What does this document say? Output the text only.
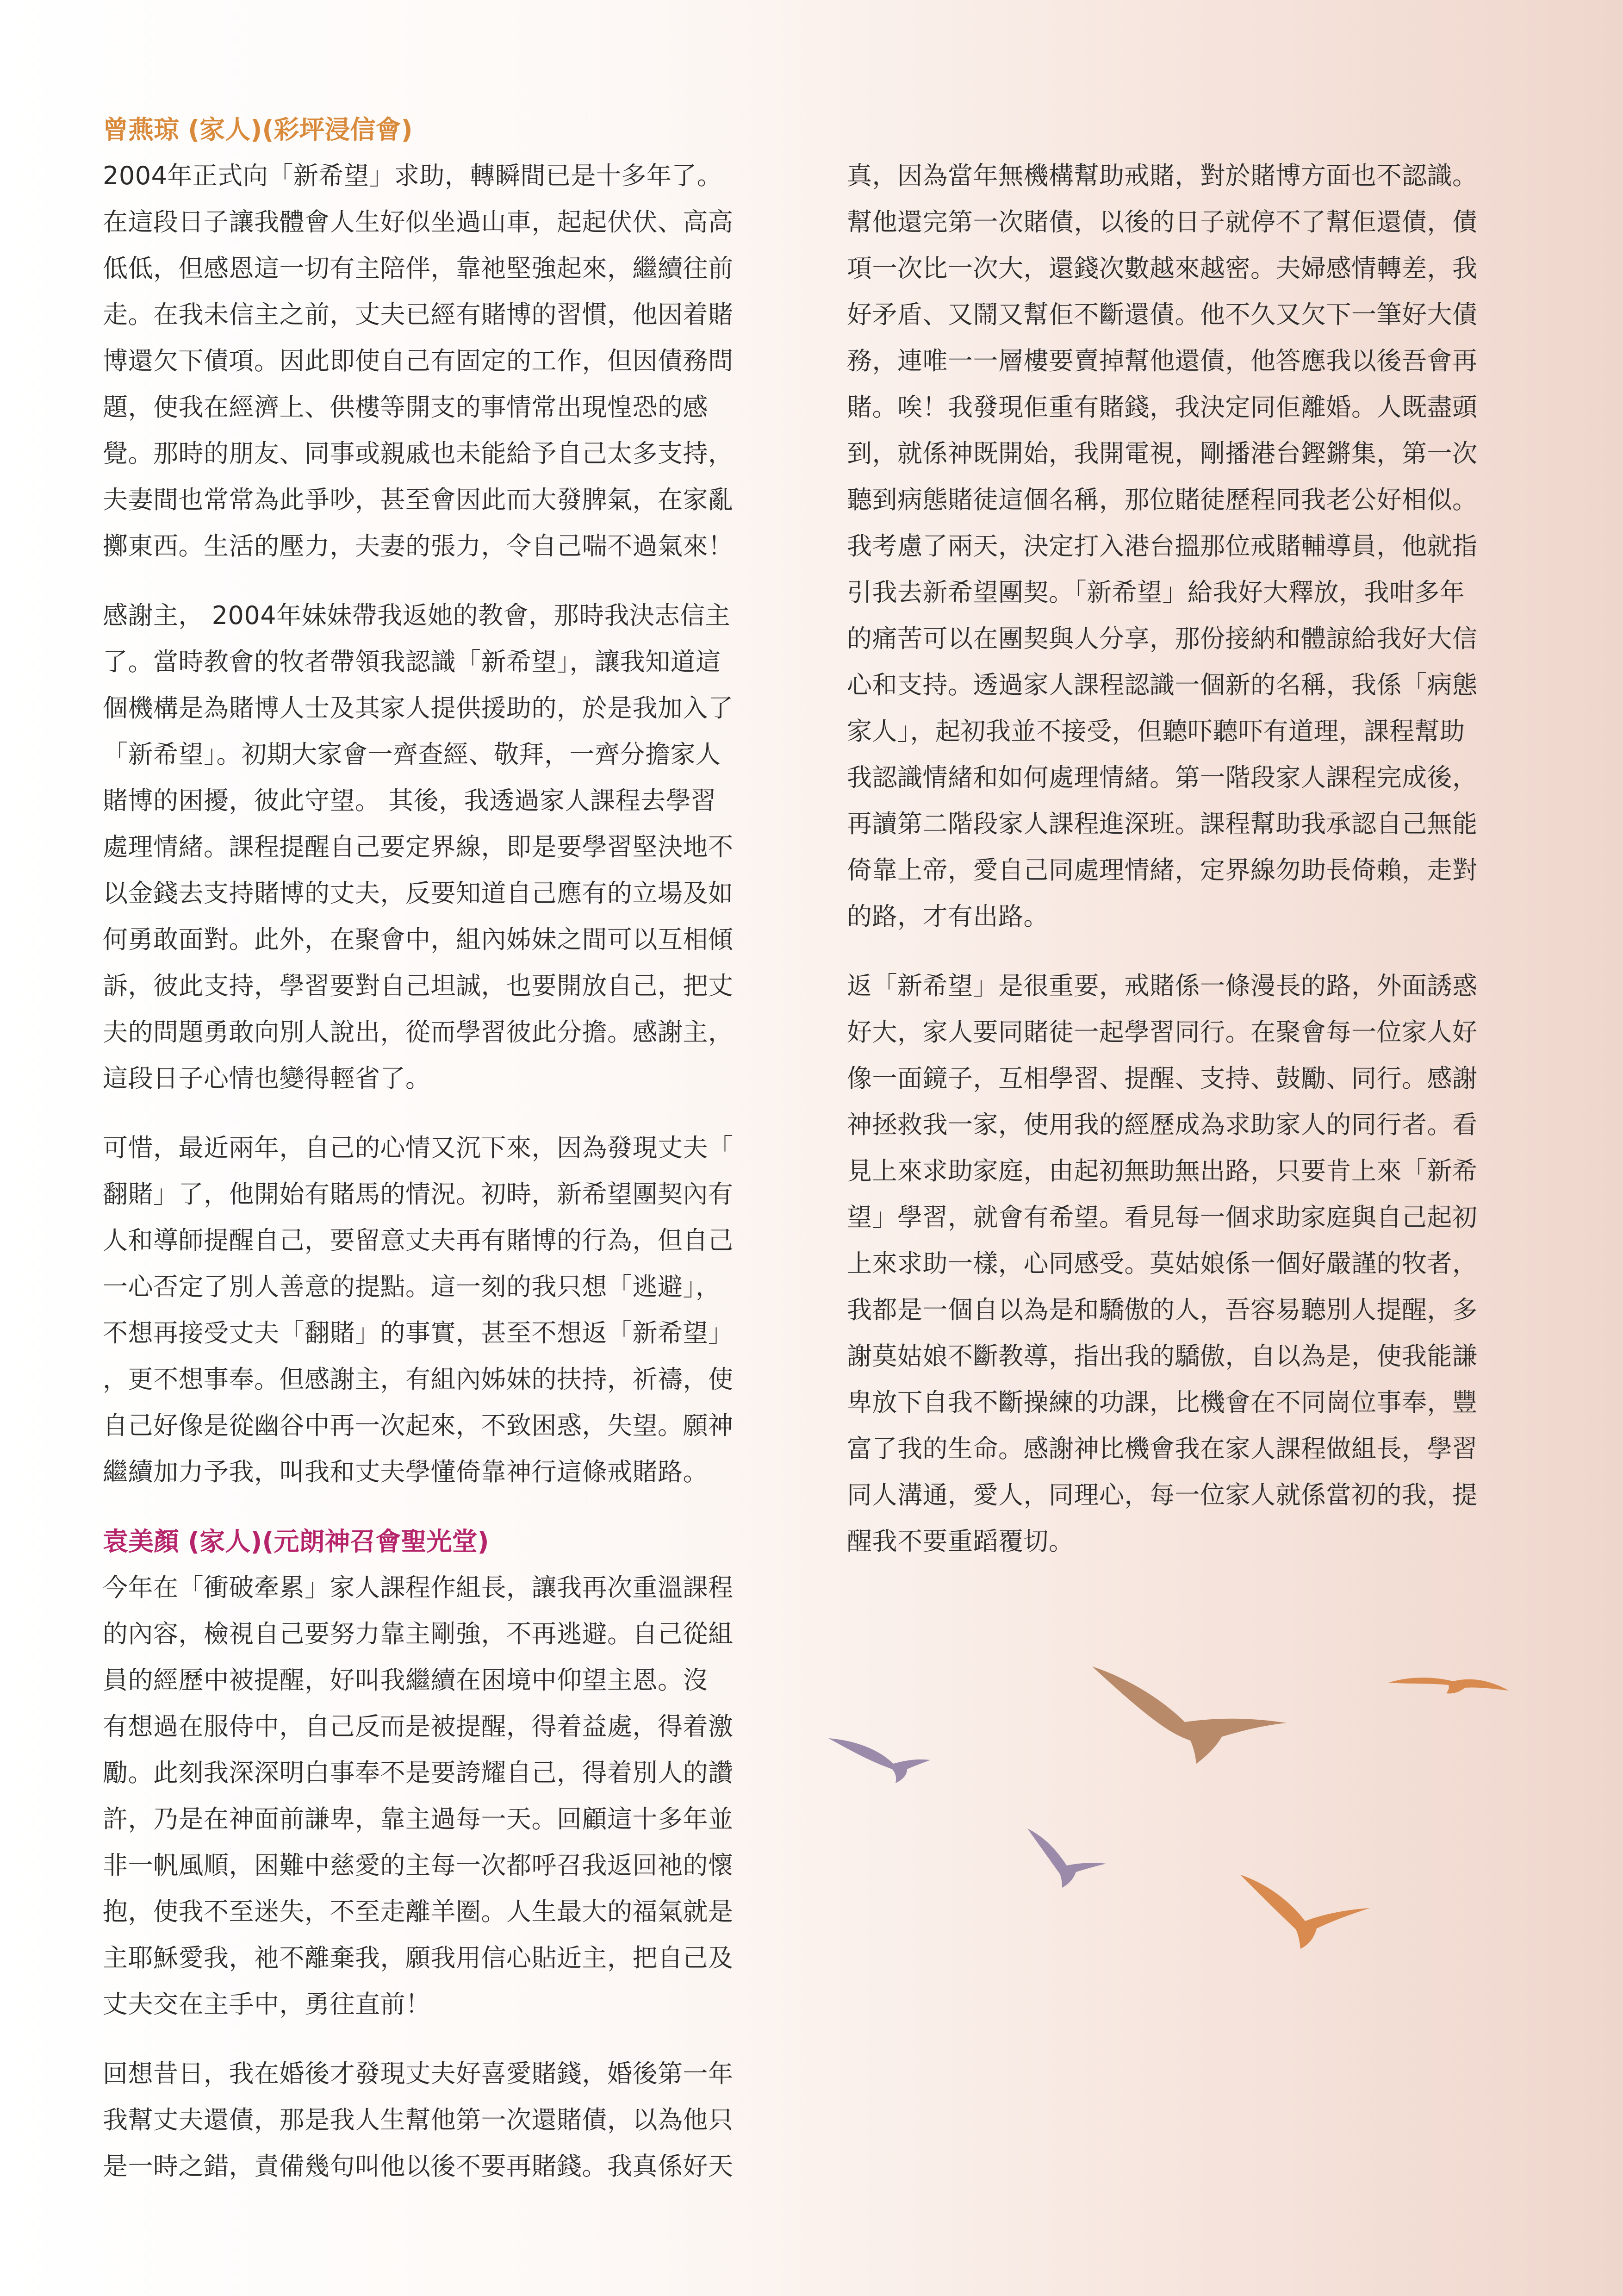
曾燕琼 (家人)(彩坪浸信會)
2004年正式向「新希望」求助，轉瞬間已是十多年了。
在這段日子讓我體會人生好似坐過山車，起起伏伏、高高
低低，但感恩這一切有主陪伴，靠祂堅強起來，繼續往前
走。在我未信主之前，丈夫已經有賭博的習慣，他因着賭
博還欠下債項。因此即使自己有固定的工作，但因債務問
題，使我在經濟上、供樓等開支的事情常出現惶恐的感
覺。那時的朋友、同事或親戚也未能給予自己太多支持，
夫妻間也常常為此爭吵，甚至會因此而大發脾氣，在家亂
擲東西。生活的壓力，夫妻的張力，令自己喘不過氣來！
感謝主， 2004年妹妹帶我返她的教會，那時我決志信主
了。當時教會的牧者帶領我認識「新希望」，讓我知道這
個機構是為賭博人士及其家人提供援助的，於是我加入了
「新希望」。初期大家會一齊查經、敬拜，一齊分擔家人
賭博的困擾，彼此守望。 其後，我透過家人課程去學習
處理情緒。課程提醒自己要定界線，即是要學習堅決地不
以金錢去支持賭博的丈夫，反要知道自己應有的立場及如
何勇敢面對。此外，在聚會中，組內姊妹之間可以互相傾
訴，彼此支持，學習要對自己坦誠，也要開放自己，把丈
夫的問題勇敢向別人說出，從而學習彼此分擔。感謝主，
這段日子心情也變得輕省了。
可惜，最近兩年，自己的心情又沉下來，因為發現丈夫「
翻賭」了，他開始有賭馬的情況。初時，新希望團契內有
人和導師提醒自己，要留意丈夫再有賭博的行為，但自己
一心否定了別人善意的提點。這一刻的我只想「逃避」，
不想再接受丈夫「翻賭」的事實，甚至不想返「新希望」
，更不想事奉。但感謝主，有組內姊妹的扶持，祈禱，使
自己好像是從幽谷中再一次起來，不致困惑，失望。願神
繼續加力予我，叫我和丈夫學懂倚靠神行這條戒賭路。
袁美顏 (家人)(元朗神召會聖光堂)
今年在「衝破牽累」家人課程作組長，讓我再次重溫課程
的內容，檢視自己要努力靠主剛強，不再逃避。自己從組
員的經歷中被提醒，好叫我繼續在困境中仰望主恩。沒
有想過在服侍中，自己反而是被提醒，得着益處，得着激
勵。此刻我深深明白事奉不是要誇耀自己，得着別人的讚
許，乃是在神面前謙卑，靠主過每一天。回顧這十多年並
非一帆風順，困難中慈愛的主每一次都呼召我返回祂的懷
抱，使我不至迷失，不至走離羊圈。人生最大的福氣就是
主耶穌愛我，祂不離棄我，願我用信心貼近主，把自己及
丈夫交在主手中，勇往直前！
回想昔日，我在婚後才發現丈夫好喜愛賭錢，婚後第一年
我幫丈夫還債，那是我人生幫他第一次還賭債，以為他只
是一時之錯，責備幾句叫他以後不要再賭錢。我真係好天
真，因為當年無機構幫助戒賭，對於賭博方面也不認識。
幫他還完第一次賭債，以後的日子就停不了幫佢還債，債
項一次比一次大，還錢次數越來越密。夫婦感情轉差，我
好矛盾、又鬧又幫佢不斷還債。他不久又欠下一筆好大債
務，連唯一一層樓要賣掉幫他還債，他答應我以後吾會再
賭。唉！我發現佢重有賭錢，我決定同佢離婚。人既盡頭
到，就係神既開始，我開電視，剛播港台鏗鏘集，第一次
聽到病態賭徒這個名稱，那位賭徒歷程同我老公好相似。
我考慮了兩天，決定打入港台搵那位戒賭輔導員，他就指
引我去新希望團契。「新希望」給我好大釋放，我咁多年
的痛苦可以在團契與人分享，那份接納和體諒給我好大信
心和支持。透過家人課程認識一個新的名稱，我係「病態
家人」，起初我並不接受，但聽吓聽吓有道理，課程幫助
我認識情緒和如何處理情緒。第一階段家人課程完成後，
再讀第二階段家人課程進深班。課程幫助我承認自己無能
倚靠上帝，愛自己同處理情緒，定界線勿助長倚賴，走對
的路，才有出路。
返「新希望」是很重要，戒賭係一條漫長的路，外面誘惑
好大，家人要同賭徒一起學習同行。在聚會每一位家人好
像一面鏡子，互相學習、提醒、支持、鼓勵、同行。感謝
神拯救我一家，使用我的經歷成為求助家人的同行者。看
見上來求助家庭，由起初無助無出路，只要肯上來「新希
望」學習，就會有希望。看見每一個求助家庭與自己起初
上來求助一樣，心同感受。莫姑娘係一個好嚴謹的牧者，
我都是一個自以為是和驕傲的人，吾容易聽別人提醒，多
謝莫姑娘不斷教導，指出我的驕傲，自以為是，使我能謙
卑放下自我不斷操練的功課，比機會在不同崗位事奉，豐
富了我的生命。感謝神比機會我在家人課程做組長，學習
同人溝通，愛人，同理心，每一位家人就係當初的我，提
醒我不要重蹈覆切。
